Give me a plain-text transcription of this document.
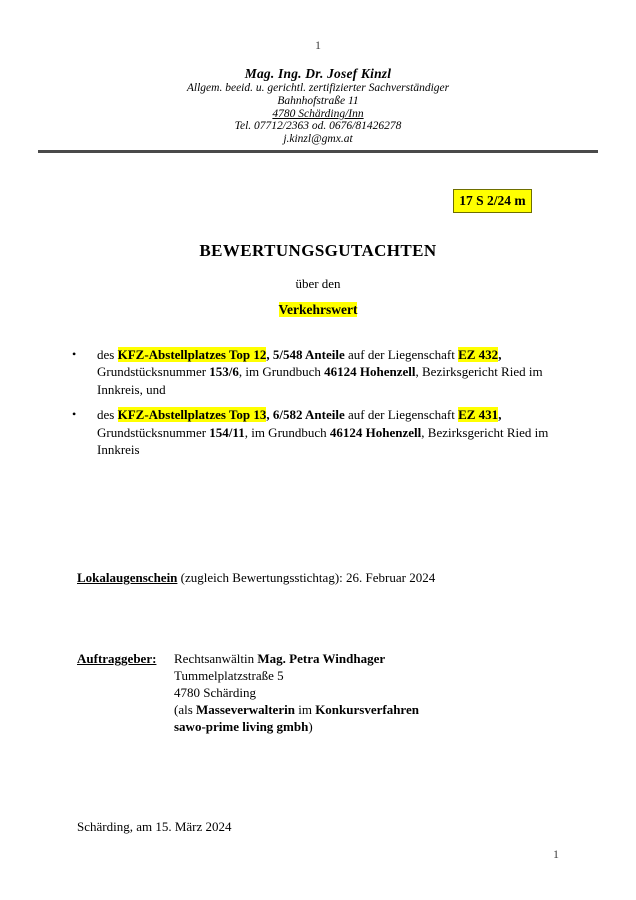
1
Mag. Ing. Dr. Josef Kinzl
Allgem. beeid. u. gerichtl. zertifizierter Sachverständiger
Bahnhofstraße 11
4780 Schärding/Inn
Tel. 07712/2363 od. 0676/81426278
j.kinzl@gmx.at
17 S 2/24 m
BEWERTUNGSGUTACHTEN
über den
Verkehrswert
•
des KFZ-Abstellplatzes Top 12, 5/548 Anteile auf der Liegenschaft EZ 432, Grundstücksnummer 153/6, im Grundbuch 46124 Hohenzell, Bezirksgericht Ried im Innkreis, und
•
des KFZ-Abstellplatzes Top 13, 6/582 Anteile auf der Liegenschaft EZ 431, Grundstücksnummer 154/11, im Grundbuch 46124 Hohenzell, Bezirksgericht Ried im Innkreis
Lokalaugenschein (zugleich Bewertungsstichtag): 26. Februar 2024
Auftraggeber:	Rechtsanwältin Mag. Petra Windhager
Tummelplatzstraße 5
4780 Schärding
(als Masseverwalterin im Konkursverfahren
sawo-prime living gmbh)
Schärding, am 15. März 2024
1
